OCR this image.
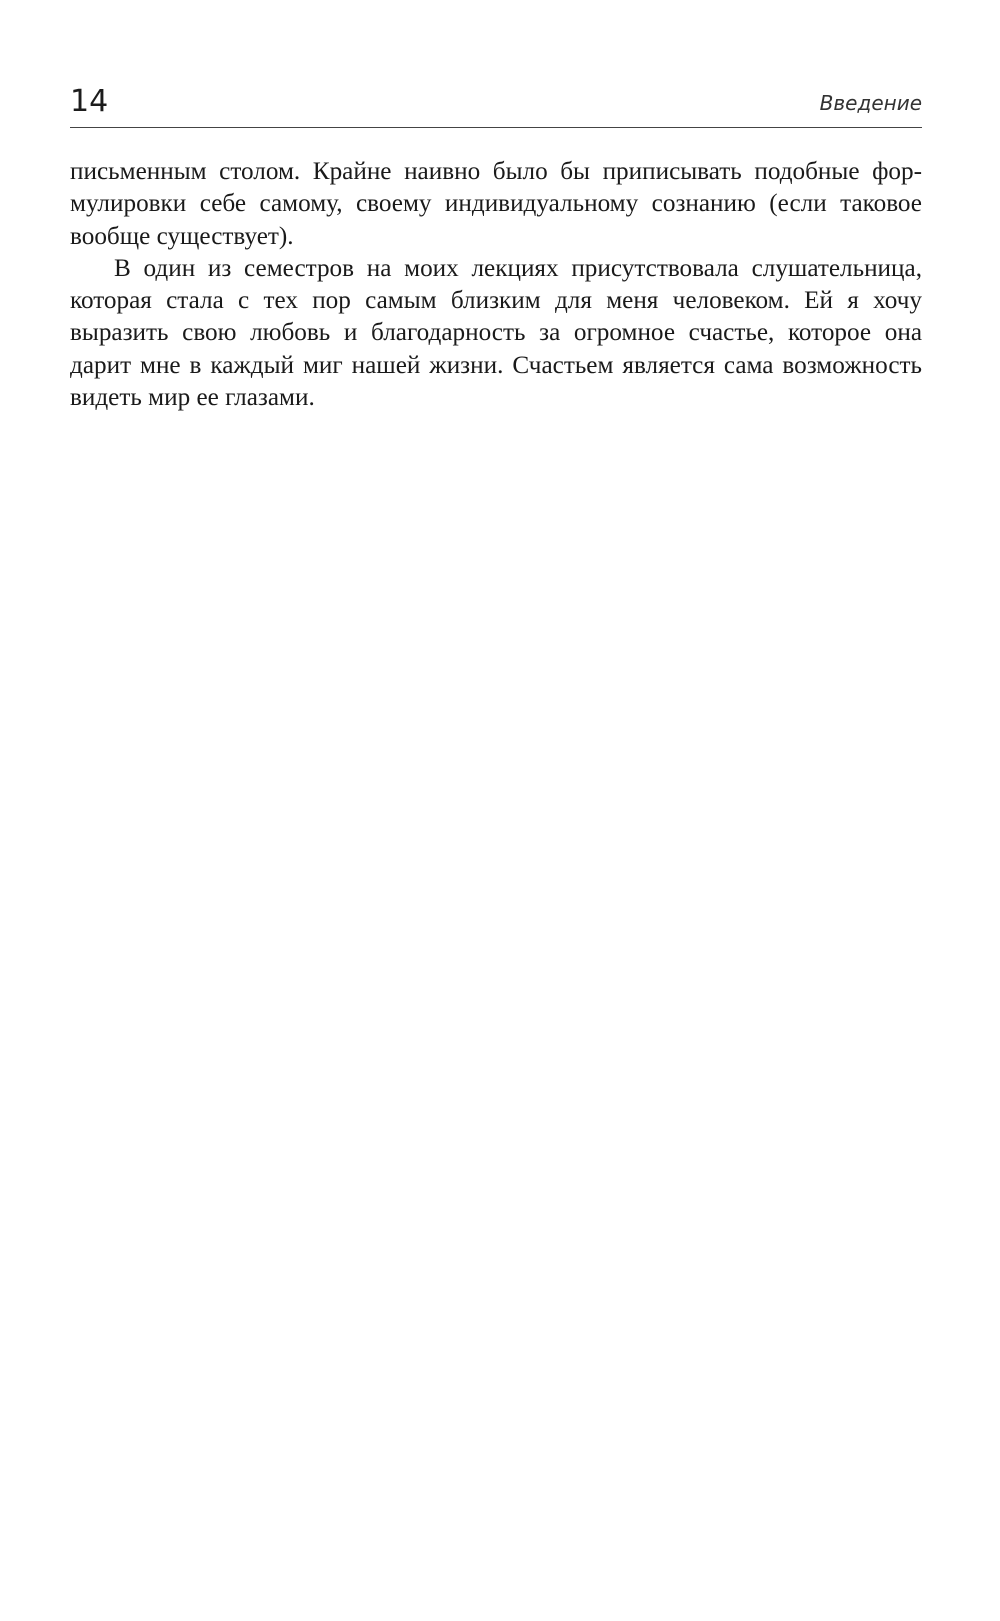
14	Введение

письменным столом. Крайне наивно было бы приписывать подобные формулировки себе самому, своему индивидуальному сознанию (если таковое вообще существует).

В один из семестров на моих лекциях присутствовала слушательница, которая стала с тех пор самым близким для меня человеком. Ей я хочу выразить свою любовь и благодарность за огромное счастье, которое она дарит мне в каждый миг нашей жизни. Счастьем является сама возможность видеть мир ее глазами.
